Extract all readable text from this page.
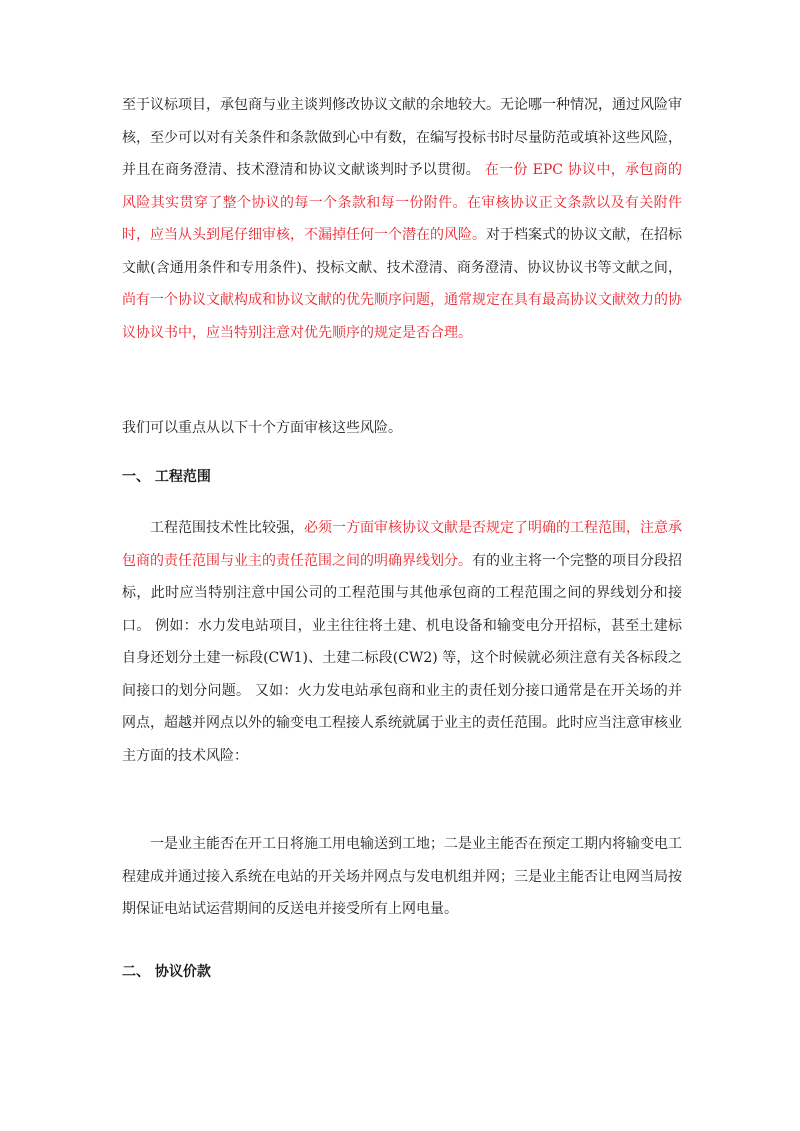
至于议标项目，承包商与业主谈判修改协议文献的余地较大。无论哪一种情况，通过风险审核，至少可以对有关条件和条款做到心中有数，在编写投标书时尽量防范或填补这些风险，并且在商务澄清、技术澄清和协议文献谈判时予以贯彻。 在一份 EPC 协议中，承包商的风险其实贯穿了整个协议的每一个条款和每一份附件。在审核协议正文条款以及有关附件时，应当从头到尾仔细审核，不漏掉任何一个潜在的风险。对于档案式的协议文献，在招标文献(含通用条件和专用条件)、投标文献、技术澄清、商务澄清、协议协议书等文献之间，尚有一个协议文献构成和协议文献的优先顺序问题，通常规定在具有最高协议文献效力的协议协议书中，应当特别注意对优先顺序的规定是否合理。

我们可以重点从以下十个方面审核这些风险。

一、 工程范围

工程范围技术性比较强，必须一方面审核协议文献是否规定了明确的工程范围，注意承包商的责任范围与业主的责任范围之间的明确界线划分。有的业主将一个完整的项目分段招标，此时应当特别注意中国公司的工程范围与其他承包商的工程范围之间的界线划分和接口。 例如：水力发电站项目，业主往往将土建、机电设备和输变电分开招标，甚至土建标自身还划分土建一标段(CW1)、土建二标段(CW2) 等，这个时候就必须注意有关各标段之间接口的划分问题。 又如：火力发电站承包商和业主的责任划分接口通常是在开关场的并网点，超越并网点以外的输变电工程接人系统就属于业主的责任范围。此时应当注意审核业主方面的技术风险：

一是业主能否在开工日将施工用电输送到工地；二是业主能否在预定工期内将输变电工程建成并通过接入系统在电站的开关场并网点与发电机组并网；三是业主能否让电网当局按期保证电站试运营期间的反送电并接受所有上网电量。

二、 协议价款
